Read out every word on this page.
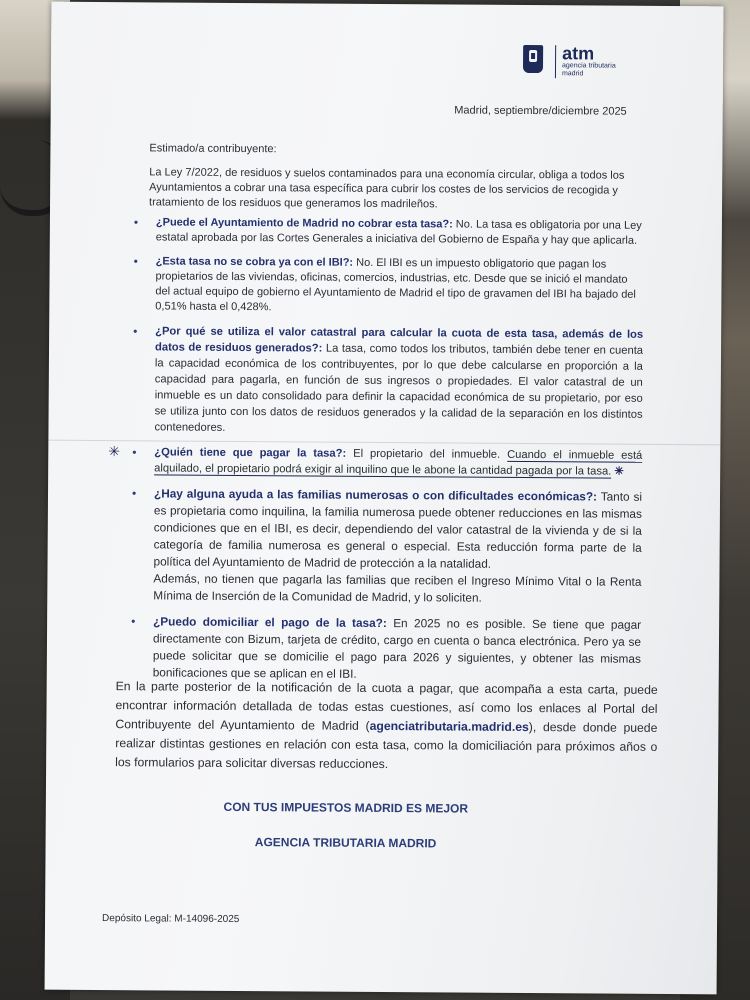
atm
agencia tributaria
madrid
Madrid, septiembre/diciembre 2025
Estimado/a contribuyente:
La Ley 7/2022, de residuos y suelos contaminados para una economía circular, obliga a todos los Ayuntamientos a cobrar una tasa específica para cubrir los costes de los servicios de recogida y tratamiento de los residuos que generamos los madrileños.
• ¿Puede el Ayuntamiento de Madrid no cobrar esta tasa?: No. La tasa es obligatoria por una Ley estatal aprobada por las Cortes Generales a iniciativa del Gobierno de España y hay que aplicarla.
• ¿Esta tasa no se cobra ya con el IBI?: No. El IBI es un impuesto obligatorio que pagan los propietarios de las viviendas, oficinas, comercios, industrias, etc. Desde que se inició el mandato del actual equipo de gobierno el Ayuntamiento de Madrid el tipo de gravamen del IBI ha bajado del 0,51% hasta el 0,428%.
• ¿Por qué se utiliza el valor catastral para calcular la cuota de esta tasa, además de los datos de residuos generados?: La tasa, como todos los tributos, también debe tener en cuenta la capacidad económica de los contribuyentes, por lo que debe calcularse en proporción a la capacidad para pagarla, en función de sus ingresos o propiedades. El valor catastral de un inmueble es un dato consolidado para definir la capacidad económica de su propietario, por eso se utiliza junto con los datos de residuos generados y la calidad de la separación en los distintos contenedores.
✳ • ¿Quién tiene que pagar la tasa?: El propietario del inmueble. Cuando el inmueble está alquilado, el propietario podrá exigir al inquilino que le abone la cantidad pagada por la tasa. ✳
• ¿Hay alguna ayuda a las familias numerosas o con dificultades económicas?: Tanto si es propietaria como inquilina, la familia numerosa puede obtener reducciones en las mismas condiciones que en el IBI, es decir, dependiendo del valor catastral de la vivienda y de si la categoría de familia numerosa es general o especial. Esta reducción forma parte de la política del Ayuntamiento de Madrid de protección a la natalidad.
Además, no tienen que pagarla las familias que reciben el Ingreso Mínimo Vital o la Renta Mínima de Inserción de la Comunidad de Madrid, y lo soliciten.
• ¿Puedo domiciliar el pago de la tasa?: En 2025 no es posible. Se tiene que pagar directamente con Bizum, tarjeta de crédito, cargo en cuenta o banca electrónica. Pero ya se puede solicitar que se domicilie el pago para 2026 y siguientes, y obtener las mismas bonificaciones que se aplican en el IBI.
En la parte posterior de la notificación de la cuota a pagar, que acompaña a esta carta, puede encontrar información detallada de todas estas cuestiones, así como los enlaces al Portal del Contribuyente del Ayuntamiento de Madrid (agenciatributaria.madrid.es), desde donde puede realizar distintas gestiones en relación con esta tasa, como la domiciliación para próximos años o los formularios para solicitar diversas reducciones.
CON TUS IMPUESTOS MADRID ES MEJOR
AGENCIA TRIBUTARIA MADRID
Depósito Legal: M-14096-2025
